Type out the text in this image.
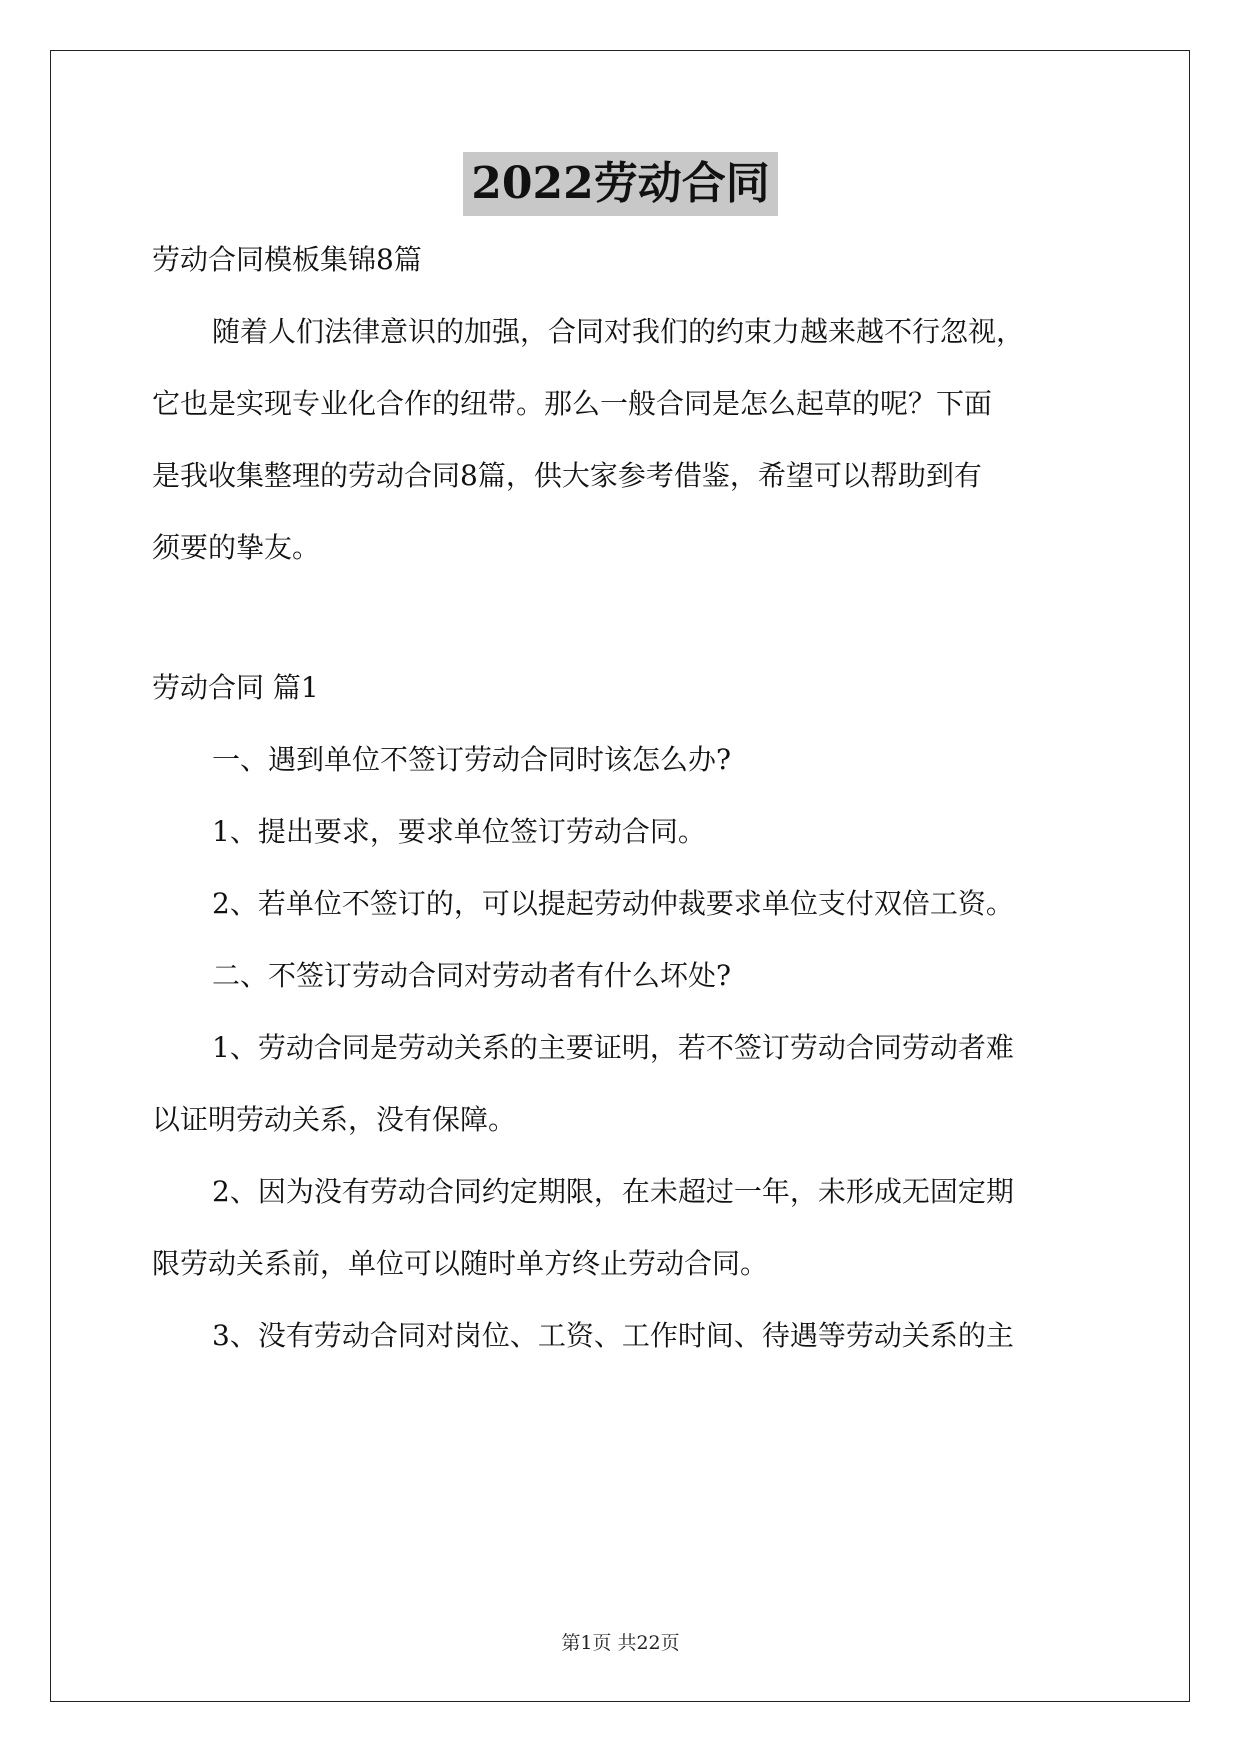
2022劳动合同
劳动合同模板集锦8篇
随着人们法律意识的加强，合同对我们的约束力越来越不行忽视，
它也是实现专业化合作的纽带。那么一般合同是怎么起草的呢？下面
是我收集整理的劳动合同8篇，供大家参考借鉴，希望可以帮助到有
须要的挚友。
劳动合同 篇1
一、遇到单位不签订劳动合同时该怎么办?
1、提出要求，要求单位签订劳动合同。
2、若单位不签订的，可以提起劳动仲裁要求单位支付双倍工资。
二、不签订劳动合同对劳动者有什么坏处?
1、劳动合同是劳动关系的主要证明，若不签订劳动合同劳动者难
以证明劳动关系，没有保障。
2、因为没有劳动合同约定期限，在未超过一年，未形成无固定期
限劳动关系前，单位可以随时单方终止劳动合同。
3、没有劳动合同对岗位、工资、工作时间、待遇等劳动关系的主
第1页 共22页
